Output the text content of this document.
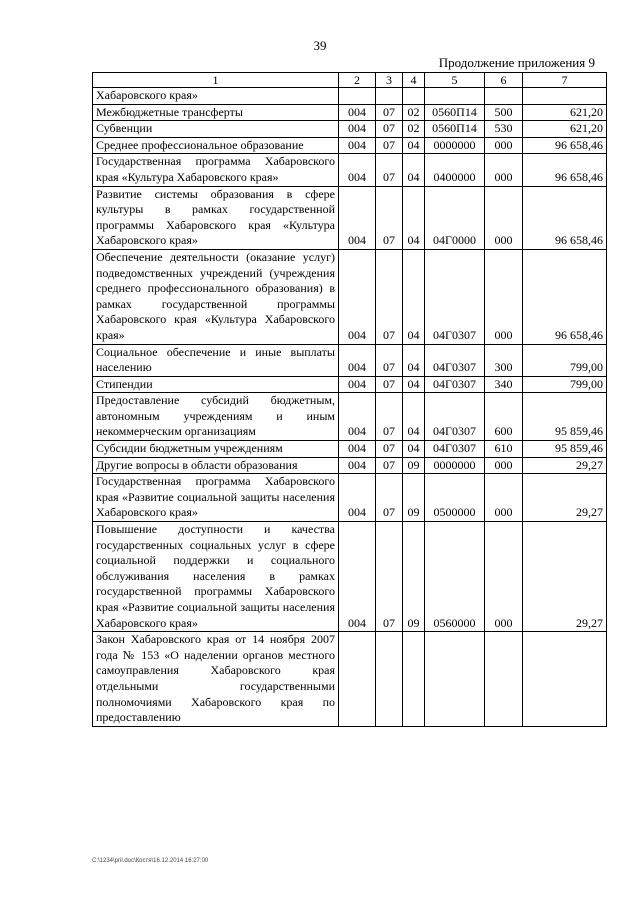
39
Продолжение приложения 9
1	2	3	4	5	6	7
Хабаровского края»						
Межбюджетные трансферты	004	07	02	0560П14	500	621,20
Субвенции	004	07	02	0560П14	530	621,20
Среднее профессиональное образование	004	07	04	0000000	000	96 658,46
Государственная программа Хабаровского края «Культура Хабаровского края»	004	07	04	0400000	000	96 658,46
Развитие системы образования в сфере культуры в рамках государственной программы Хабаровского края «Культура Хабаровского края»	004	07	04	04Г0000	000	96 658,46
Обеспечение деятельности (оказание услуг) подведомственных учреждений (учреждения среднего профессионального образования) в рамках государственной программы Хабаровского края «Культура Хабаровского края»	004	07	04	04Г0307	000	96 658,46
Социальное обеспечение и иные выплаты населению	004	07	04	04Г0307	300	799,00
Стипендии	004	07	04	04Г0307	340	799,00
Предоставление субсидий бюджетным, автономным учреждениям и иным некоммерческим организациям	004	07	04	04Г0307	600	95 859,46
Субсидии бюджетным учреждениям	004	07	04	04Г0307	610	95 859,46
Другие вопросы в области образования	004	07	09	0000000	000	29,27
Государственная программа Хабаровского края «Развитие социальной защиты населения Хабаровского края»	004	07	09	0500000	000	29,27
Повышение доступности и качества государственных социальных услуг в сфере социальной поддержки и социального обслуживания населения в рамках государственной программы Хабаровского края «Развитие социальной защиты населения Хабаровского края»	004	07	09	0560000	000	29,27
Закон Хабаровского края от 14 ноября 2007 года № 153 «О наделении органов местного самоуправления Хабаровского края отдельными государственными полномочиями Хабаровского края по предоставлению						
C:\1234\pril.doc\Костя\16.12.2014 16:27:00
